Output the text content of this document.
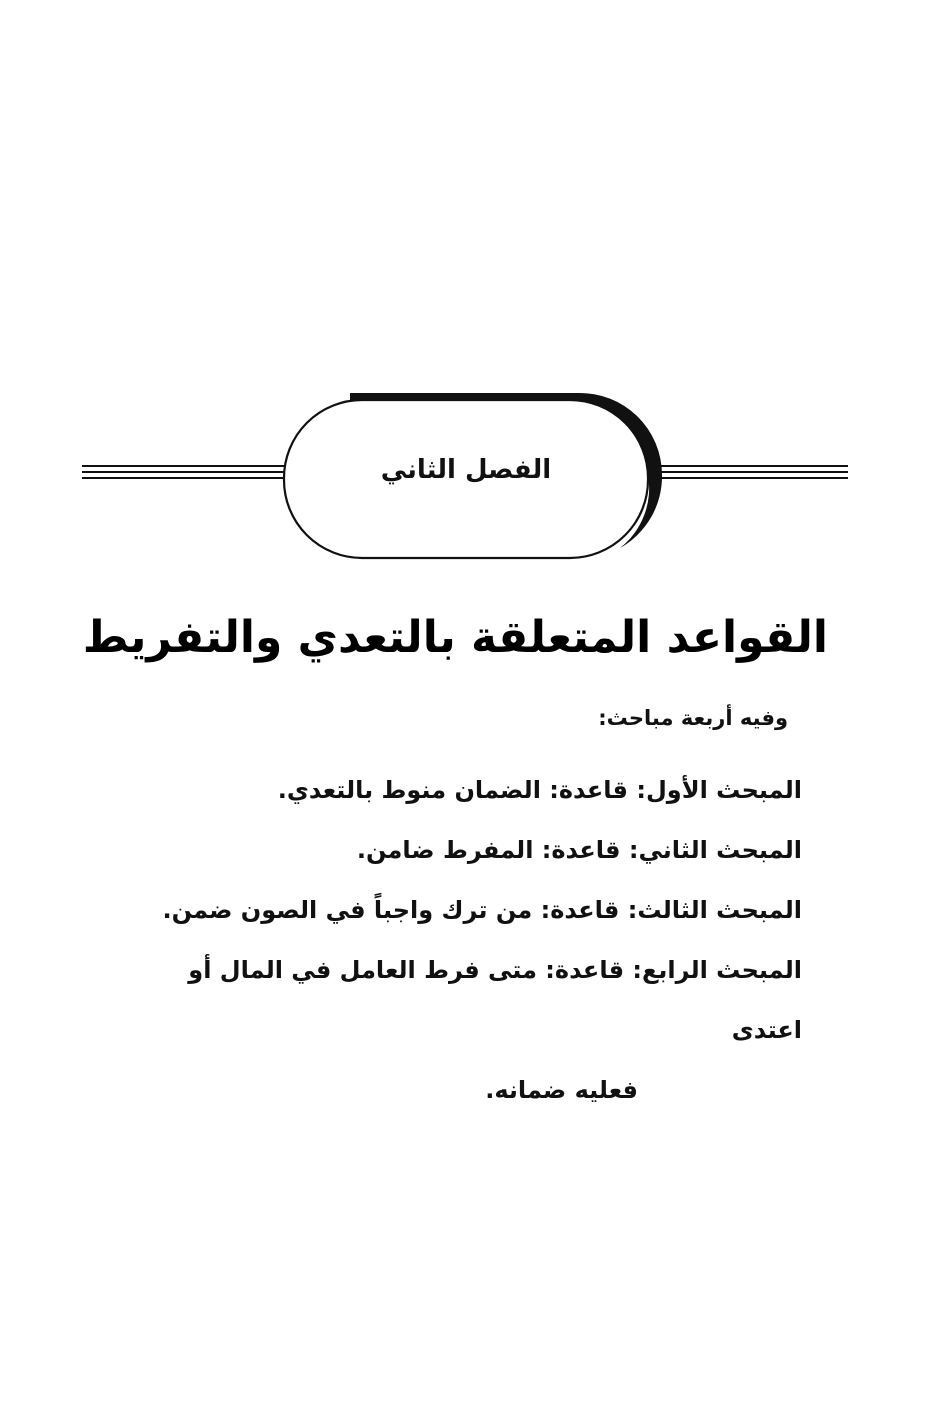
الفصل الثاني
القواعد المتعلقة بالتعدي والتفريط
وفيه أربعة مباحث:
المبحث الأول: قاعدة: الضمان منوط بالتعدي.
المبحث الثاني: قاعدة: المفرط ضامن.
المبحث الثالث: قاعدة: من ترك واجباً في الصون ضمن.
المبحث الرابع: قاعدة: متى فرط العامل في المال أو اعتدى
فعليه ضمانه.
